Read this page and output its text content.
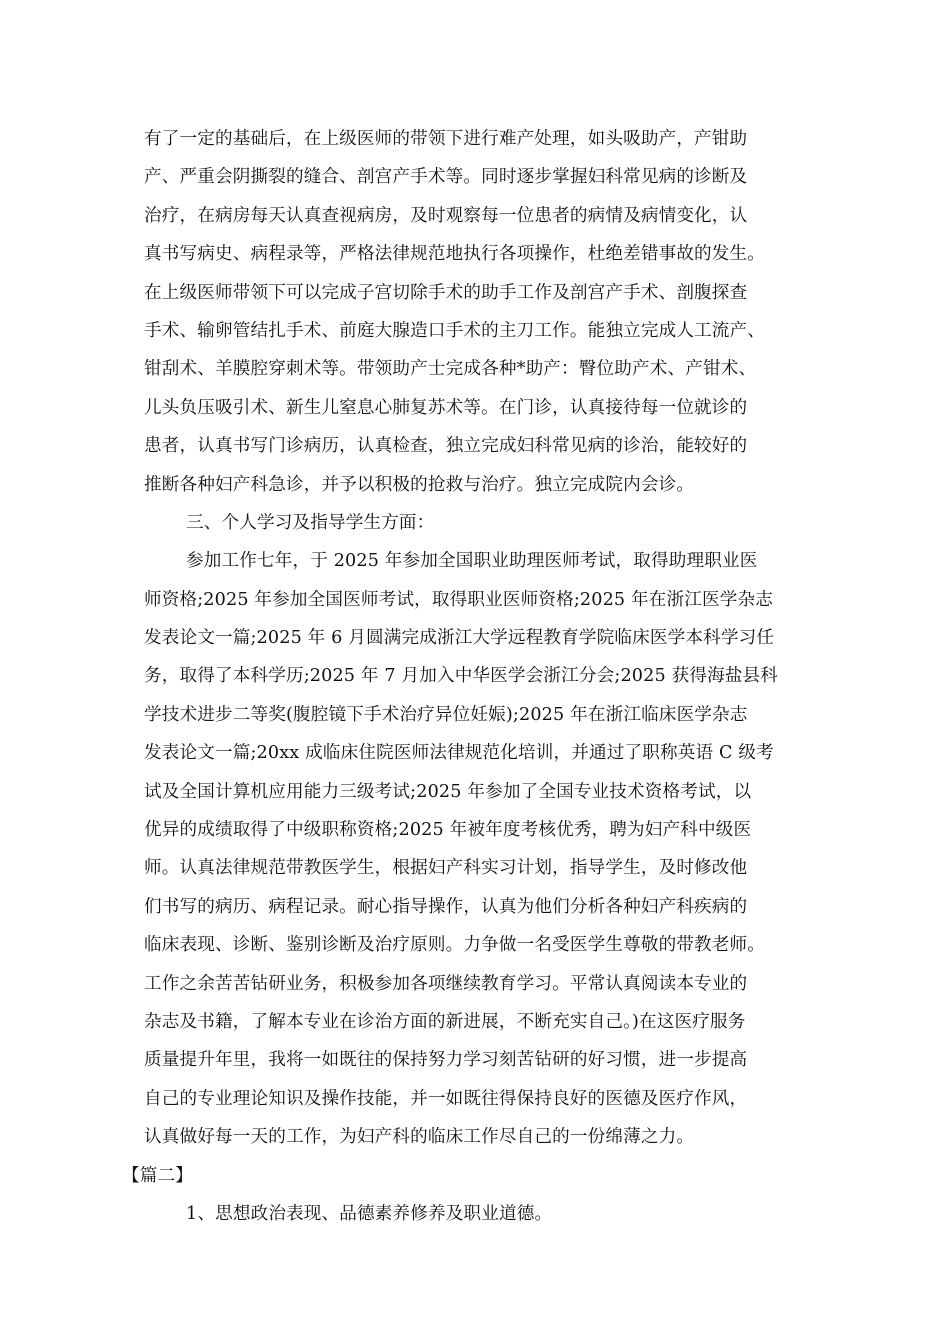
有了一定的基础后，在上级医师的带领下进行难产处理，如头吸助产，产钳助
产、严重会阴撕裂的缝合、剖宫产手术等。同时逐步掌握妇科常见病的诊断及
治疗，在病房每天认真查视病房，及时观察每一位患者的病情及病情变化，认
真书写病史、病程录等，严格法律规范地执行各项操作，杜绝差错事故的发生。
在上级医师带领下可以完成子宫切除手术的助手工作及剖宫产手术、剖腹探查
手术、输卵管结扎手术、前庭大腺造口手术的主刀工作。能独立完成人工流产、
钳刮术、羊膜腔穿刺术等。带领助产士完成各种*助产：臀位助产术、产钳术、
儿头负压吸引术、新生儿窒息心肺复苏术等。在门诊，认真接待每一位就诊的
患者，认真书写门诊病历，认真检查，独立完成妇科常见病的诊治，能较好的
推断各种妇产科急诊，并予以积极的抢救与治疗。独立完成院内会诊。
三、个人学习及指导学生方面：
参加工作七年，于 2025 年参加全国职业助理医师考试，取得助理职业医
师资格;2025 年参加全国医师考试，取得职业医师资格;2025 年在浙江医学杂志
发表论文一篇;2025 年 6 月圆满完成浙江大学远程教育学院临床医学本科学习任
务，取得了本科学历;2025 年 7 月加入中华医学会浙江分会;2025 获得海盐县科
学技术进步二等奖(腹腔镜下手术治疗异位妊娠);2025 年在浙江临床医学杂志
发表论文一篇;20xx 成临床住院医师法律规范化培训，并通过了职称英语 C 级考
试及全国计算机应用能力三级考试;2025 年参加了全国专业技术资格考试，以
优异的成绩取得了中级职称资格;2025 年被年度考核优秀，聘为妇产科中级医
师。认真法律规范带教医学生，根据妇产科实习计划，指导学生，及时修改他
们书写的病历、病程记录。耐心指导操作，认真为他们分析各种妇产科疾病的
临床表现、诊断、鉴别诊断及治疗原则。力争做一名受医学生尊敬的带教老师。
工作之余苦苦钻研业务，积极参加各项继续教育学习。平常认真阅读本专业的
杂志及书籍，了解本专业在诊治方面的新进展，不断充实自己。)在这医疗服务
质量提升年里，我将一如既往的保持努力学习刻苦钻研的好习惯，进一步提高
自己的专业理论知识及操作技能，并一如既往得保持良好的医德及医疗作风，
认真做好每一天的工作，为妇产科的临床工作尽自己的一份绵薄之力。
【篇二】
1、思想政治表现、品德素养修养及职业道德。
